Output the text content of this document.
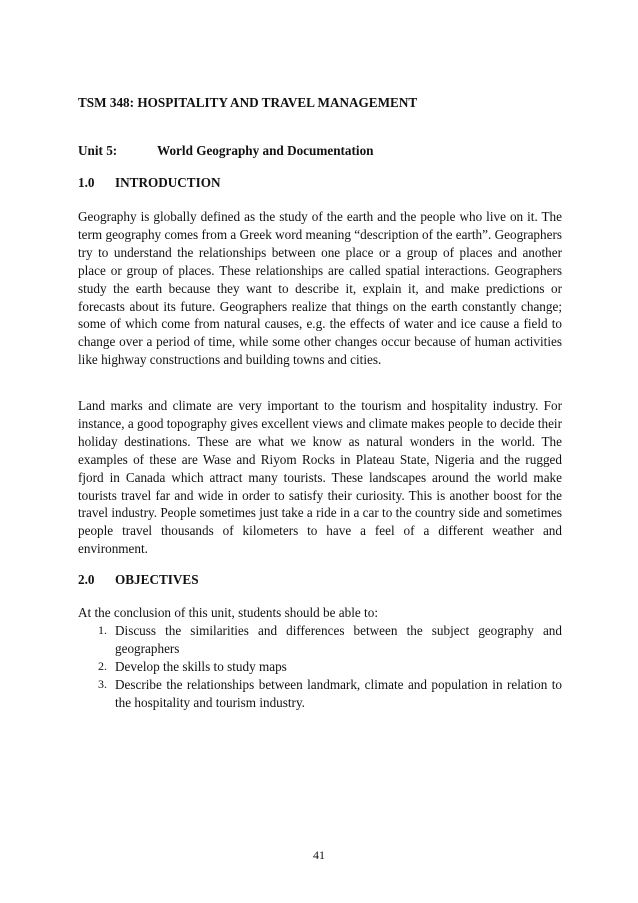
TSM 348: HOSPITALITY AND TRAVEL MANAGEMENT
Unit 5:	World Geography and Documentation
1.0 INTRODUCTION

Geography is globally defined as the study of the earth and the people who live on it. The term geography comes from a Greek word meaning “description of the earth”. Geographers try to understand the relationships between one place or a group of places and another place or group of places. These relationships are called spatial interactions. Geographers study the earth because they want to describe it, explain it, and make predictions or forecasts about its future. Geographers realize that things on the earth constantly change; some of which come from natural causes, e.g. the effects of water and ice cause a field to change over a period of time, while some other changes occur because of human activities like highway constructions and building towns and cities.

Land marks and climate are very important to the tourism and hospitality industry. For instance, a good topography gives excellent views and climate makes people to decide their holiday destinations. These are what we know as natural wonders in the world. The examples of these are Wase and Riyom Rocks in Plateau State, Nigeria and the rugged fjord in Canada which attract many tourists. These landscapes around the world make tourists travel far and wide in order to satisfy their curiosity. This is another boost for the travel industry. People sometimes just take a ride in a car to the country side and sometimes people travel thousands of kilometers to have a feel of a different weather and environment.

2.0 OBJECTIVES

At the conclusion of this unit, students should be able to:

1. Discuss the similarities and differences between the subject geography and geographers
2. Develop the skills to study maps
3. Describe the relationships between landmark, climate and population in relation to the hospitality and tourism industry.
41
